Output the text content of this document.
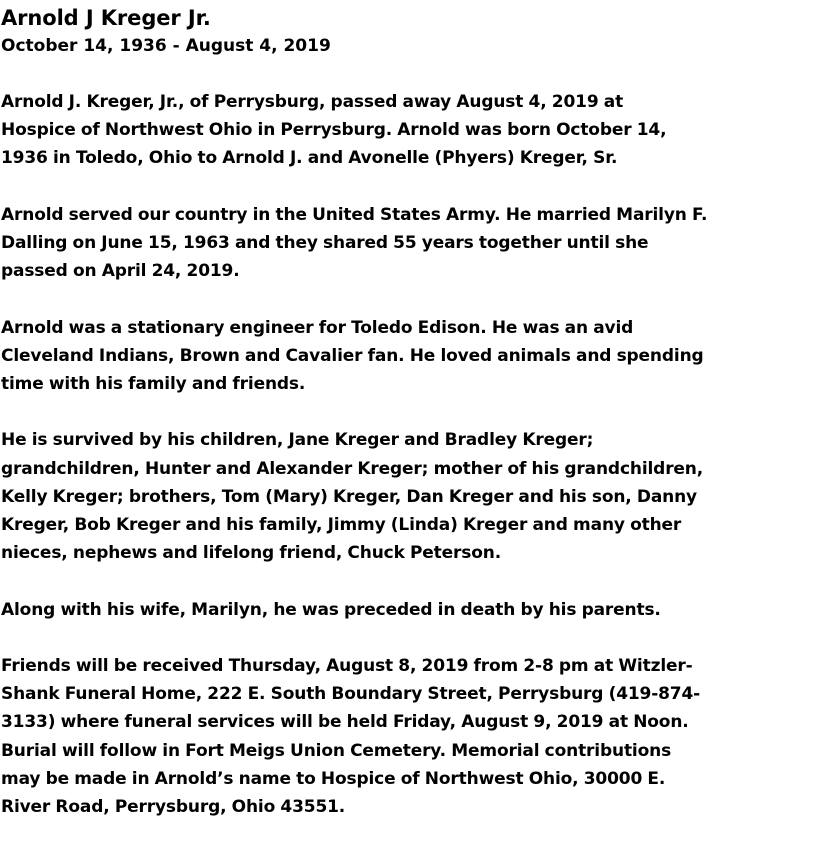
Arnold J Kreger Jr.
October 14, 1936 - August 4, 2019
Arnold J. Kreger, Jr., of Perrysburg, passed away August 4, 2019 at
Hospice of Northwest Ohio in Perrysburg. Arnold was born October 14,
1936 in Toledo, Ohio to Arnold J. and Avonelle (Phyers) Kreger, Sr.
Arnold served our country in the United States Army. He married Marilyn F.
Dalling on June 15, 1963 and they shared 55 years together until she
passed on April 24, 2019.
Arnold was a stationary engineer for Toledo Edison. He was an avid
Cleveland Indians, Brown and Cavalier fan. He loved animals and spending
time with his family and friends.
He is survived by his children, Jane Kreger and Bradley Kreger;
grandchildren, Hunter and Alexander Kreger; mother of his grandchildren,
Kelly Kreger; brothers, Tom (Mary) Kreger, Dan Kreger and his son, Danny
Kreger, Bob Kreger and his family, Jimmy (Linda) Kreger and many other
nieces, nephews and lifelong friend, Chuck Peterson.
Along with his wife, Marilyn, he was preceded in death by his parents.
Friends will be received Thursday, August 8, 2019 from 2-8 pm at Witzler-
Shank Funeral Home, 222 E. South Boundary Street, Perrysburg (419-874-
3133) where funeral services will be held Friday, August 9, 2019 at Noon.
Burial will follow in Fort Meigs Union Cemetery. Memorial contributions
may be made in Arnold’s name to Hospice of Northwest Ohio, 30000 E.
River Road, Perrysburg, Ohio 43551.
